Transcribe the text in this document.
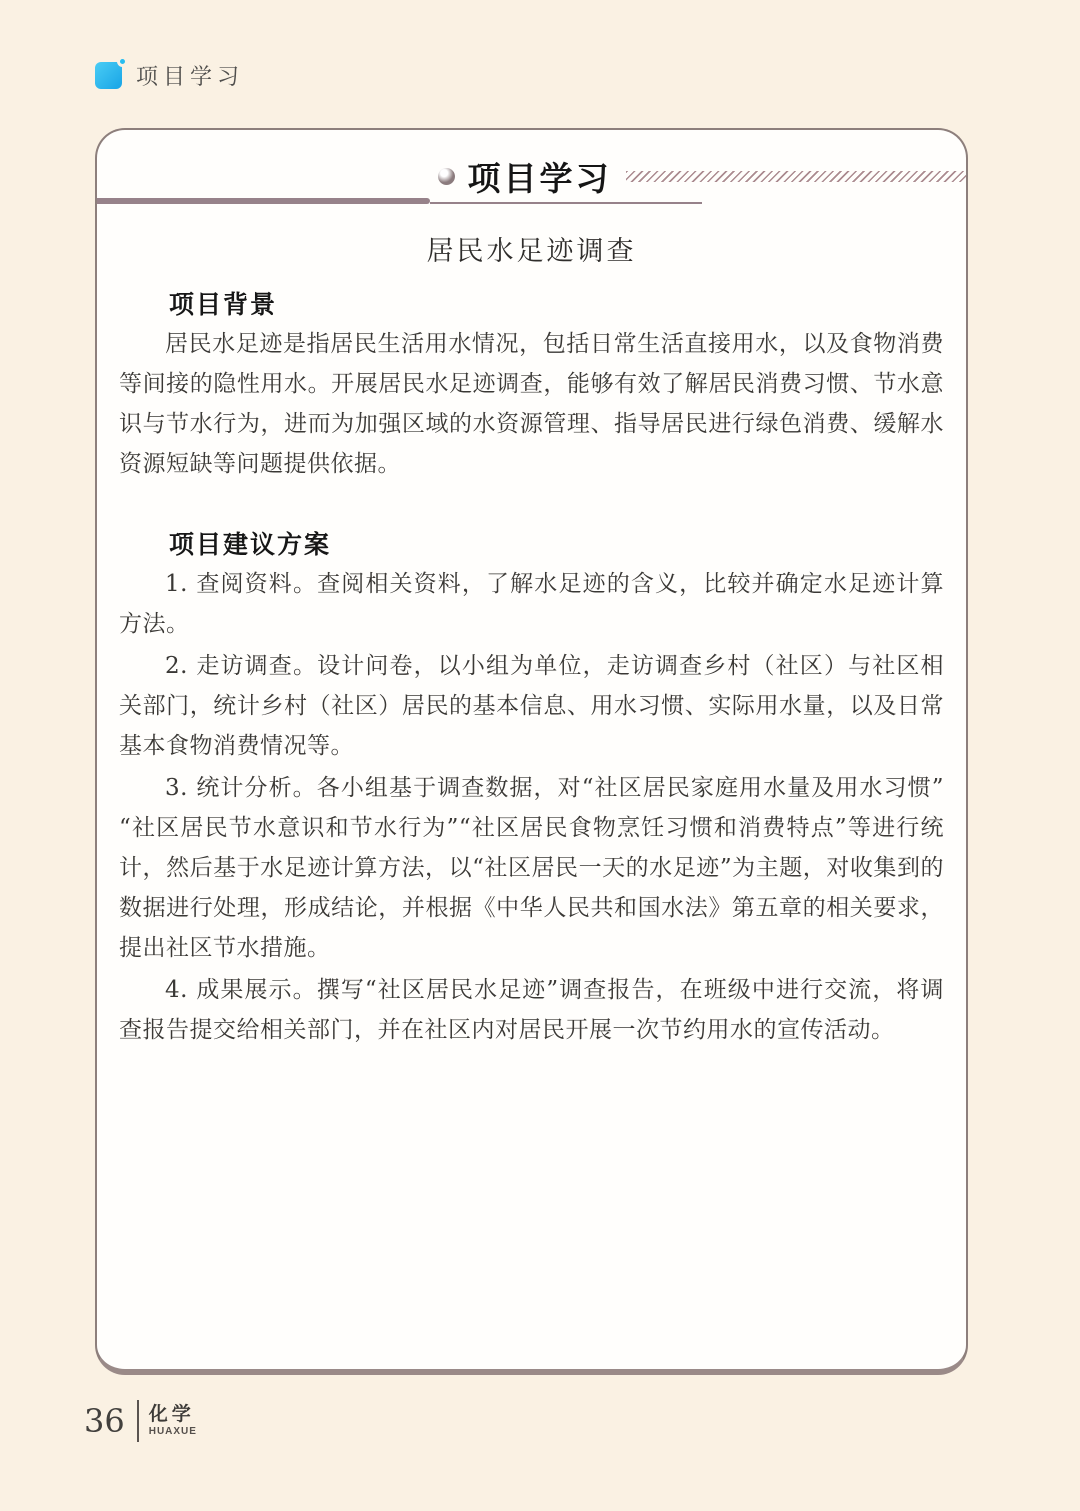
项目学习
项目学习
居民水足迹调查
项目背景

居民水足迹是指居民生活用水情况，包括日常生活直接用水，以及食物消费等间接的隐性用水。开展居民水足迹调查，能够有效了解居民消费习惯、节水意识与节水行为，进而为加强区域的水资源管理、指导居民进行绿色消费、缓解水资源短缺等问题提供依据。

项目建议方案

1. 查阅资料。查阅相关资料，了解水足迹的含义，比较并确定水足迹计算方法。

2. 走访调查。设计问卷，以小组为单位，走访调查乡村（社区）与社区相关部门，统计乡村（社区）居民的基本信息、用水习惯、实际用水量，以及日常基本食物消费情况等。

3. 统计分析。各小组基于调查数据，对“社区居民家庭用水量及用水习惯”“社区居民节水意识和节水行为”“社区居民食物烹饪习惯和消费特点”等进行统计，然后基于水足迹计算方法，以“社区居民一天的水足迹”为主题，对收集到的数据进行处理，形成结论，并根据《中华人民共和国水法》第五章的相关要求，提出社区节水措施。

4. 成果展示。撰写“社区居民水足迹”调查报告，在班级中进行交流，将调查报告提交给相关部门，并在社区内对居民开展一次节约用水的宣传活动。

36 化学
HUAXUE
